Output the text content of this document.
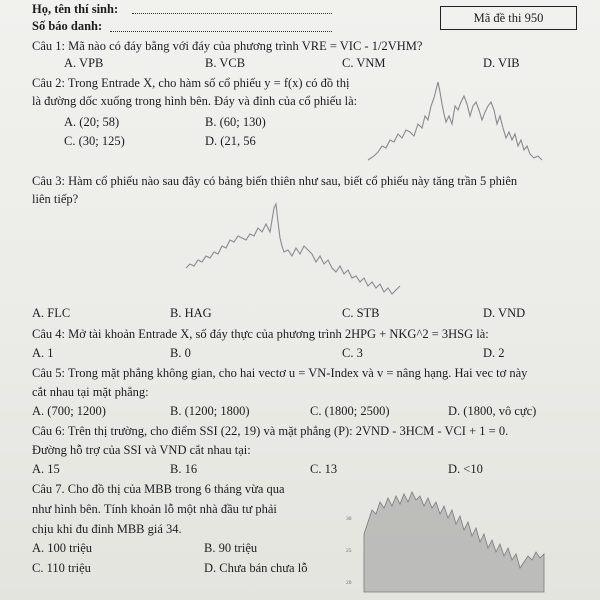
Họ, tên thí sinh:
Số báo danh:
Mã đề thi 950
Câu 1: Mã nào có đáy bằng với đáy của phương trình VRE = VIC - 1/2VHM?
A. VPB	B. VCB	C. VNM	D. VIB
Câu 2: Trong Entrade X, cho hàm số cổ phiếu y = f(x) có đồ thị
là đường dốc xuống trong hình bên. Đáy và đỉnh của cổ phiếu là:
A. (20; 58)	B. (60; 130)
C. (30; 125)	D. (21, 56
Câu 3: Hàm cổ phiếu nào sau đây có bảng biến thiên như sau, biết cổ phiếu này tăng trần 5 phiên
liên tiếp?
A. FLC	B. HAG	C. STB	D. VND
Câu 4: Mở tài khoản Entrade X, số đáy thực của phương trình 2HPG + NKG^2 = 3HSG là:
A. 1	B. 0	C. 3	D. 2
Câu 5: Trong mặt phẳng không gian, cho hai vectơ u = VN-Index và v = nâng hạng. Hai vec tơ này
cắt nhau tại mặt phẳng:
A. (700; 1200)	B. (1200; 1800)	C. (1800; 2500)	D. (1800, vô cực)
Câu 6: Trên thị trường, cho điểm SSI (22, 19) và mặt phẳng (P): 2VND - 3HCM - VCI + 1 = 0.
Đường hỗ trợ của SSI và VND cắt nhau tại:
A. 15	B. 16	C. 13	D. <10
Câu 7. Cho đồ thị của MBB trong 6 tháng vừa qua
như hình bên. Tính khoản lỗ một nhà đầu tư phải
chịu khi đu đỉnh MBB giá 34.
A. 100 triệu	B. 90 triệu
C. 110 triệu	D. Chưa bán chưa lỗ
30
25
20
